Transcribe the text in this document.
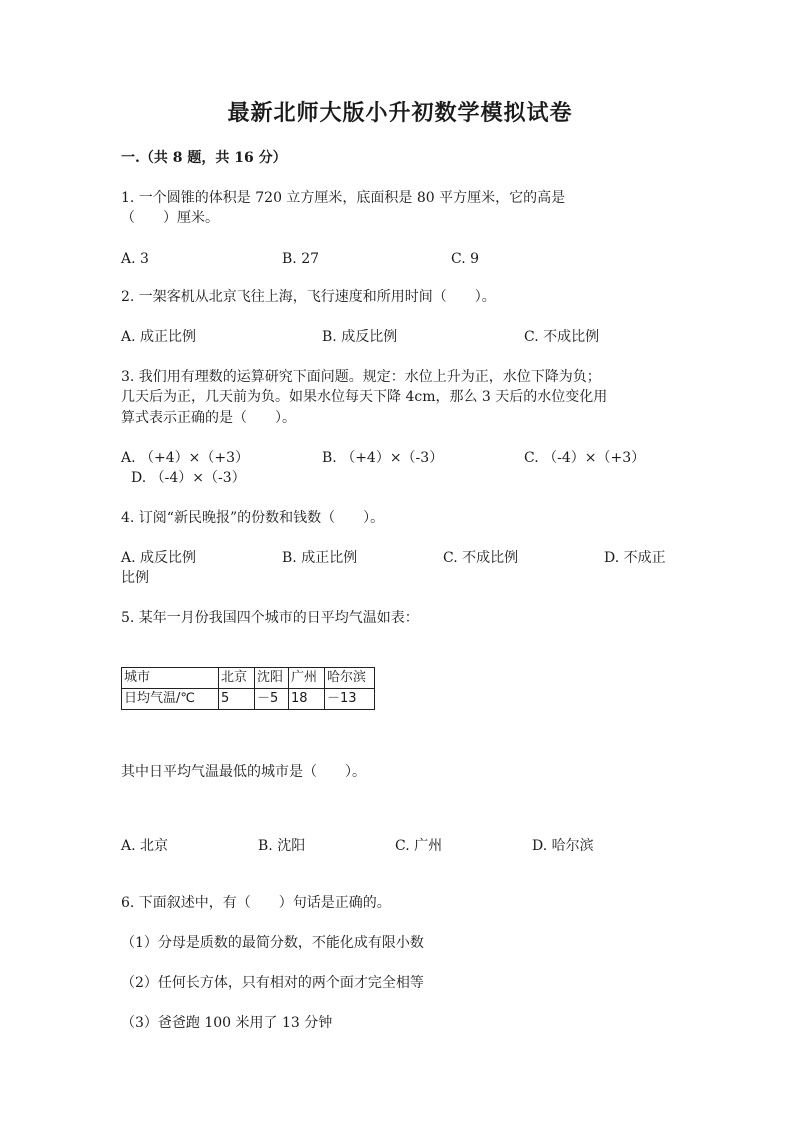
最新北师大版小升初数学模拟试卷
一.（共 8 题，共 16 分）
1. 一个圆锥的体积是 720 立方厘米，底面积是 80 平方厘米，它的高是
（　　）厘米。
A. 3	B. 27	C. 9
2. 一架客机从北京飞往上海，飞行速度和所用时间（　　）。
A. 成正比例	B. 成反比例	C. 不成比例
3. 我们用有理数的运算研究下面问题。规定：水位上升为正，水位下降为负；
几天后为正，几天前为负。如果水位每天下降 4cm，那么 3 天后的水位变化用
算式表示正确的是（　　）。
A. （+4）×（+3）	B. （+4）×（-3）	C. （-4）×（+3）
D. （-4）×（-3）
4. 订阅“新民晚报”的份数和钱数（　　）。
A. 成反比例	B. 成正比例	C. 不成比例	D. 不成正
比例
5. 某年一月份我国四个城市的日平均气温如表：
城市	北京	沈阳	广州	哈尔滨
日均气温/℃	5	－5	18	－13
其中日平均气温最低的城市是（　　）。
A. 北京	B. 沈阳	C. 广州	D. 哈尔滨
6. 下面叙述中，有（　　）句话是正确的。
（1）分母是质数的最简分数，不能化成有限小数
（2）任何长方体，只有相对的两个面才完全相等
（3）爸爸跑 100 米用了 13 分钟
